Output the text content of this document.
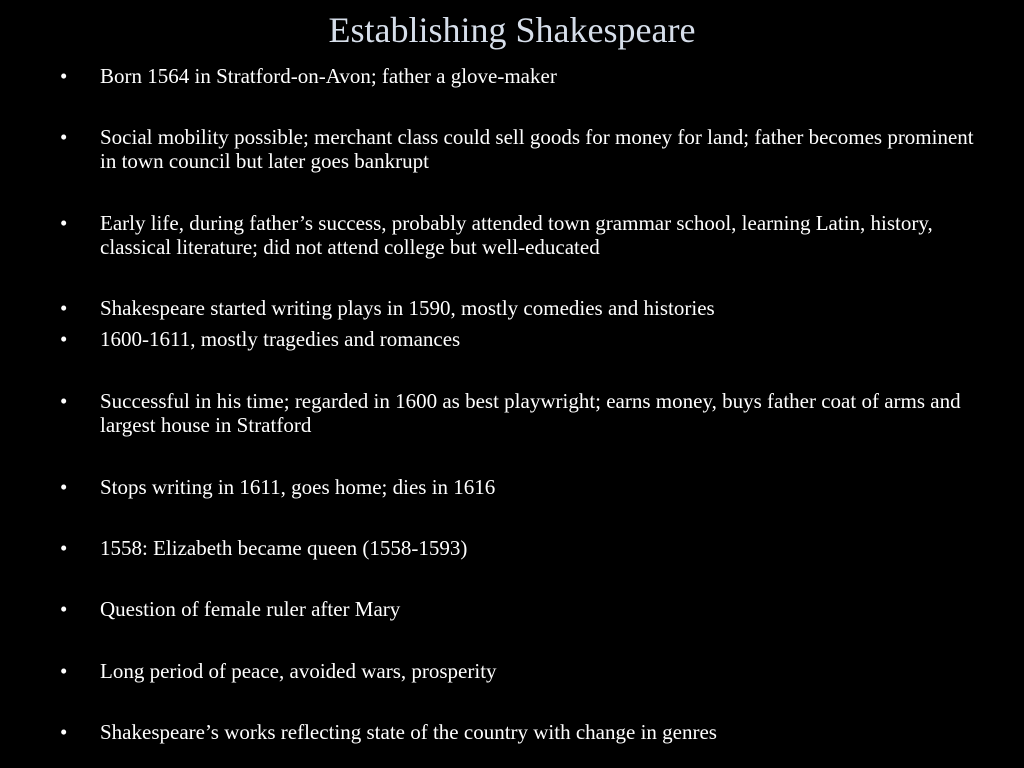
Establishing Shakespeare
•	Born 1564 in Stratford-on-Avon; father a glove-maker
•	Social mobility possible; merchant class could sell goods for money for land; father becomes prominent in town council but later goes bankrupt
•	Early life, during father’s success, probably attended town grammar school, learning Latin, history, classical literature; did not attend college but well-educated
•	Shakespeare started writing plays in 1590, mostly comedies and histories
•	1600-1611, mostly tragedies and romances
•	Successful in his time; regarded in 1600 as best playwright; earns money, buys father coat of arms and largest house in Stratford
•	Stops writing in 1611, goes home; dies in 1616
•	1558: Elizabeth became queen (1558-1593)
•	Question of female ruler after Mary
•	Long period of peace, avoided wars, prosperity
•	Shakespeare’s works reflecting state of the country with change in genres
